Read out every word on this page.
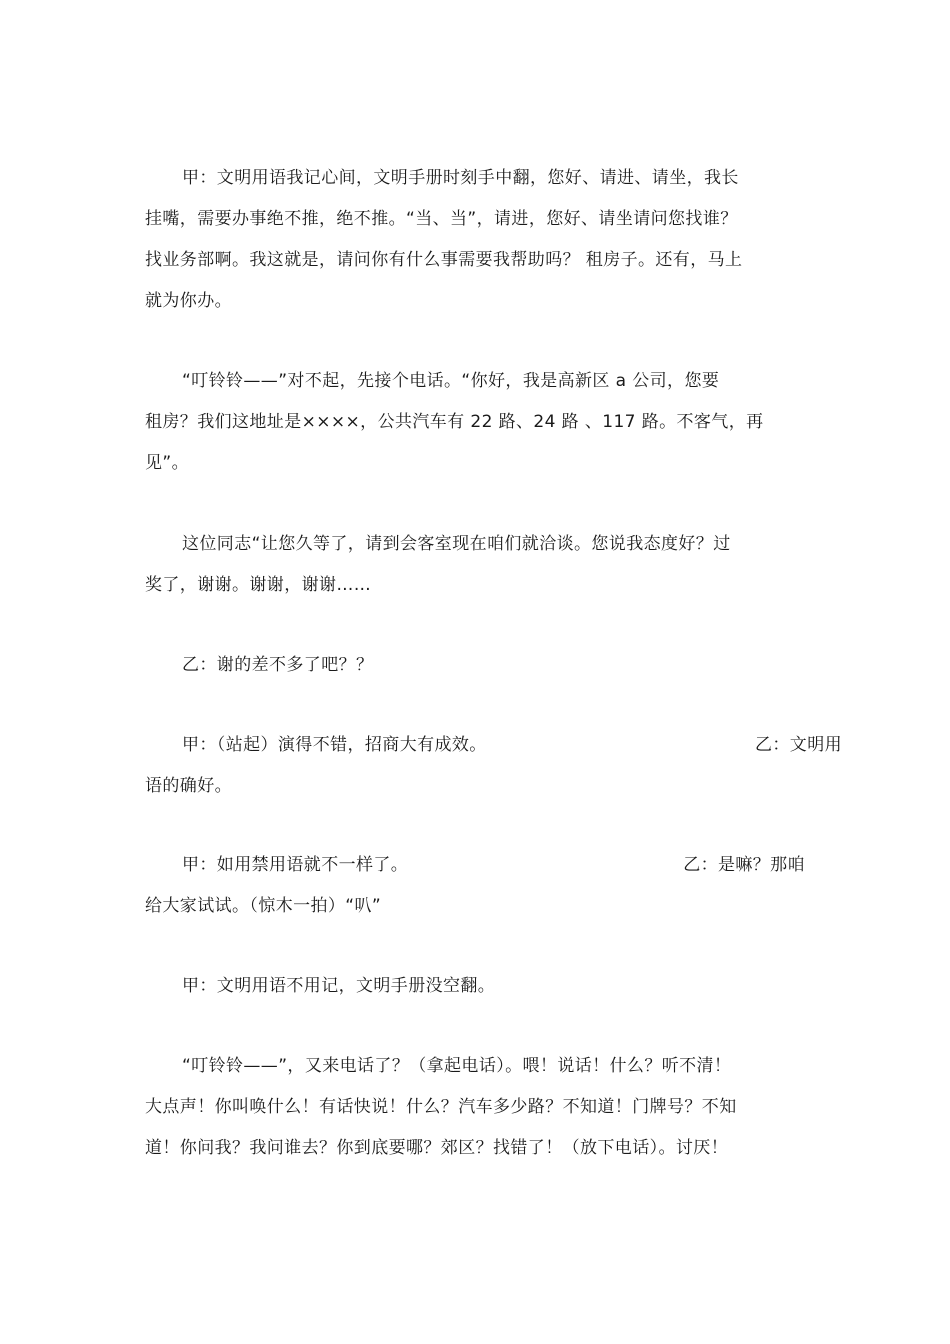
甲：文明用语我记心间，文明手册时刻手中翻，您好、请进、请坐，我长
挂嘴，需要办事绝不推，绝不推。“当、当”，请进，您好、请坐请问您找谁？
找业务部啊。我这就是，请问你有什么事需要我帮助吗？ 租房子。还有，马上
就为你办。
“叮铃铃——”对不起，先接个电话。“你好，我是高新区 a 公司，您要
租房？我们这地址是××××，公共汽车有 22 路、24 路 、117 路。不客气，再
见”。
这位同志“让您久等了，请到会客室现在咱们就洽谈。您说我态度好？过
奖了，谢谢。谢谢，谢谢……
乙：谢的差不多了吧？？
甲：（站起）演得不错，招商大有成效。	乙：文明用
语的确好。
甲：如用禁用语就不一样了。	乙：是嘛？那咱
给大家试试。（惊木一拍）“叭”
甲：文明用语不用记，文明手册没空翻。
“叮铃铃——”，又来电话了？（拿起电话）。喂！说话！什么？听不清！
大点声！你叫唤什么！有话快说！什么？汽车多少路？不知道！门牌号？不知
道！你问我？我问谁去？你到底要哪？郊区？找错了！（放下电话）。讨厌！
